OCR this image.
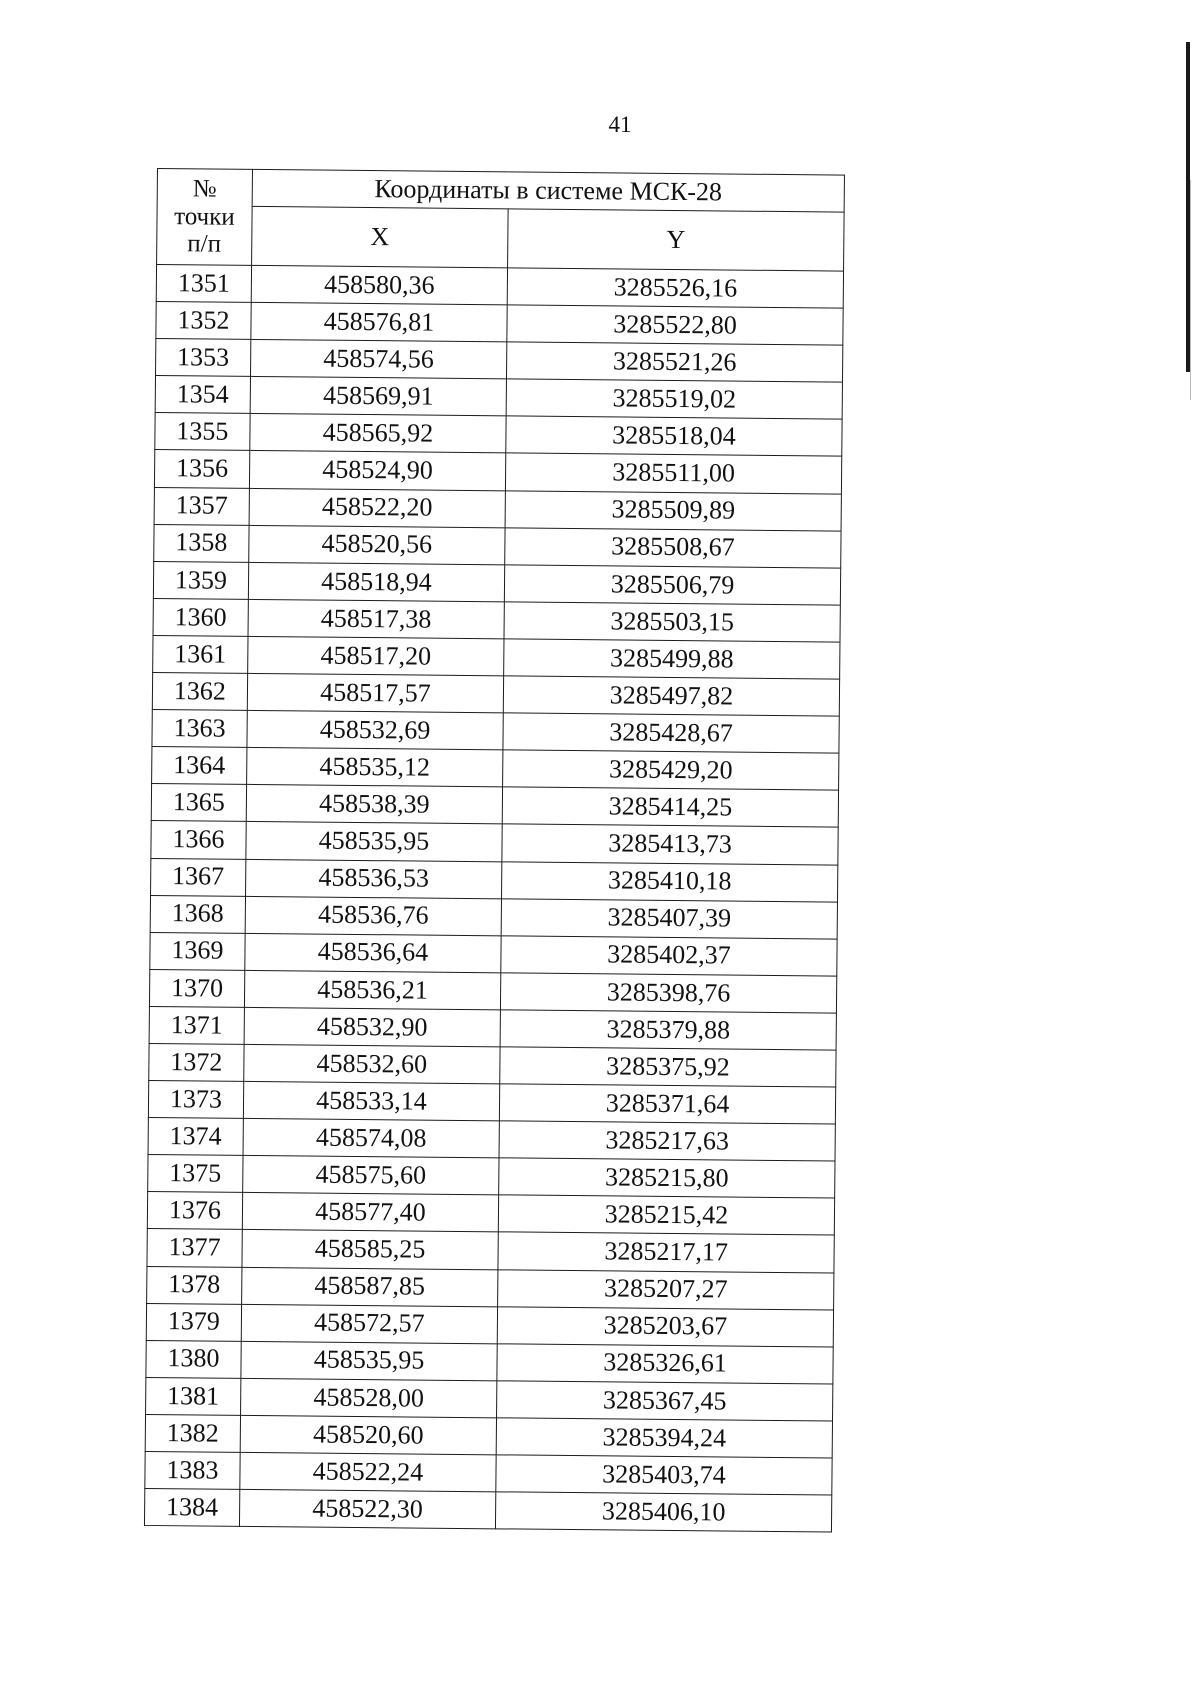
41
№
точки
п/п	Координаты в системе МСК-28	
	X	Y
1351	458580,36	3285526,16
1352	458576,81	3285522,80
1353	458574,56	3285521,26
1354	458569,91	3285519,02
1355	458565,92	3285518,04
1356	458524,90	3285511,00
1357	458522,20	3285509,89
1358	458520,56	3285508,67
1359	458518,94	3285506,79
1360	458517,38	3285503,15
1361	458517,20	3285499,88
1362	458517,57	3285497,82
1363	458532,69	3285428,67
1364	458535,12	3285429,20
1365	458538,39	3285414,25
1366	458535,95	3285413,73
1367	458536,53	3285410,18
1368	458536,76	3285407,39
1369	458536,64	3285402,37
1370	458536,21	3285398,76
1371	458532,90	3285379,88
1372	458532,60	3285375,92
1373	458533,14	3285371,64
1374	458574,08	3285217,63
1375	458575,60	3285215,80
1376	458577,40	3285215,42
1377	458585,25	3285217,17
1378	458587,85	3285207,27
1379	458572,57	3285203,67
1380	458535,95	3285326,61
1381	458528,00	3285367,45
1382	458520,60	3285394,24
1383	458522,24	3285403,74
1384	458522,30	3285406,10
